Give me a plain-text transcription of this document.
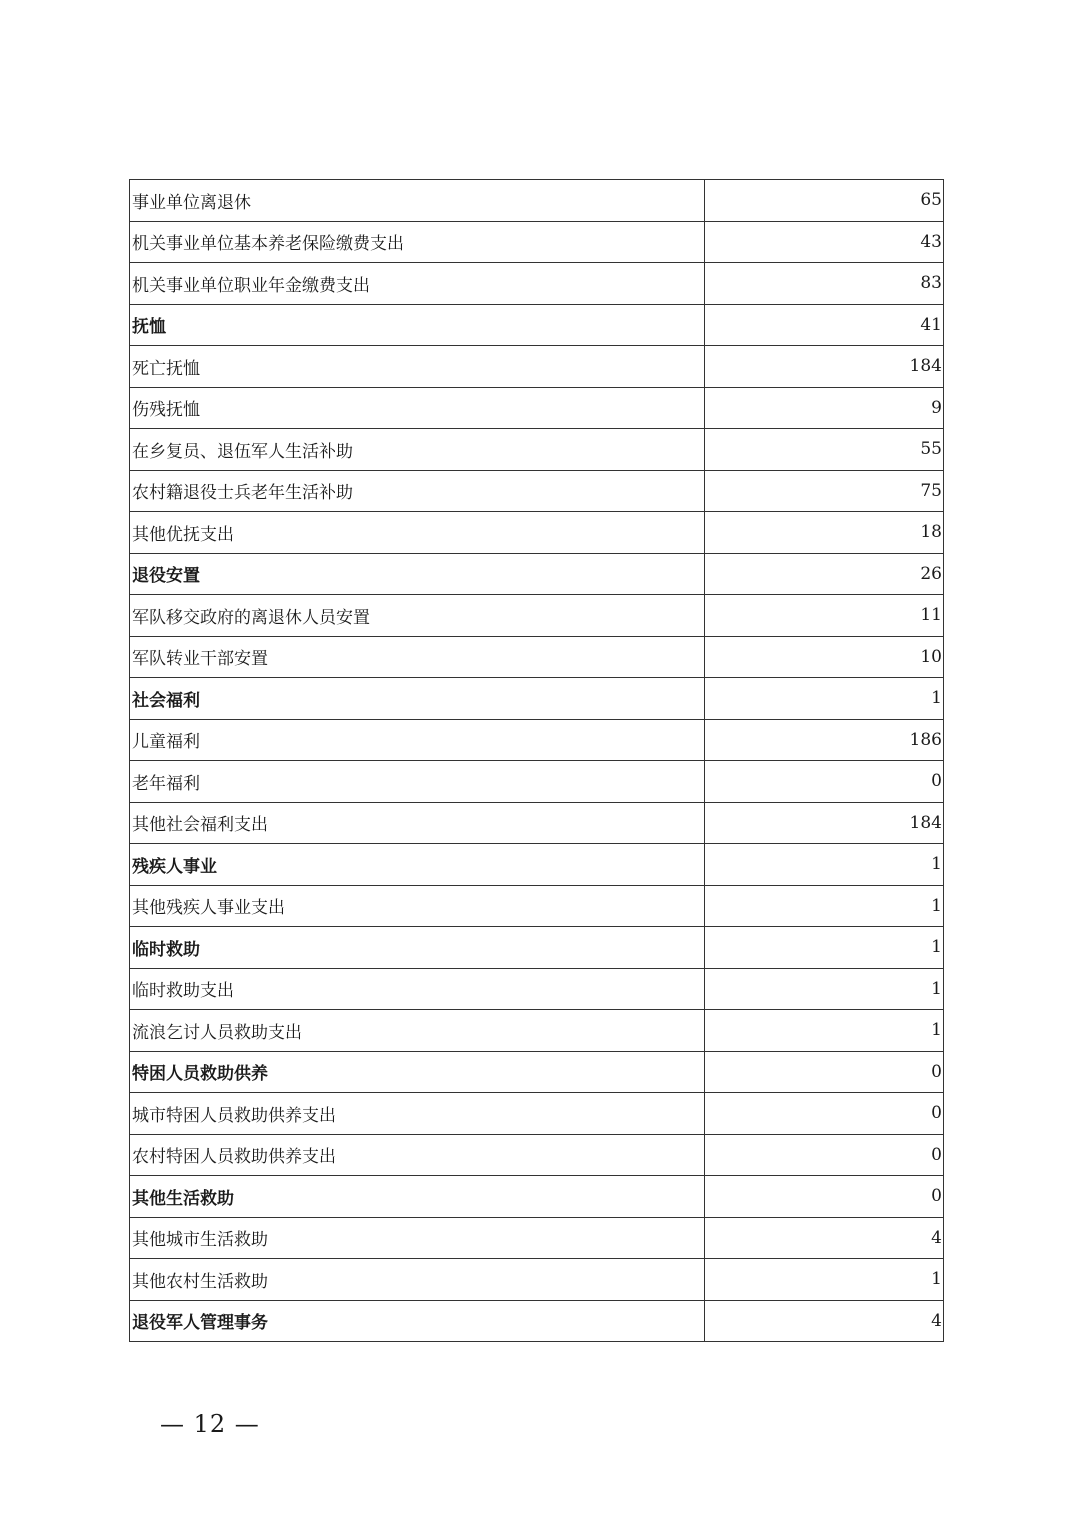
事业单位离退休	65
机关事业单位基本养老保险缴费支出	43
机关事业单位职业年金缴费支出	83
抚恤	41
死亡抚恤	184
伤残抚恤	9
在乡复员、退伍军人生活补助	55
农村籍退役士兵老年生活补助	75
其他优抚支出	18
退役安置	26
军队移交政府的离退休人员安置	11
军队转业干部安置	10
社会福利	1
儿童福利	186
老年福利	0
其他社会福利支出	184
残疾人事业	1
其他残疾人事业支出	1
临时救助	1
临时救助支出	1
流浪乞讨人员救助支出	1
特困人员救助供养	0
城市特困人员救助供养支出	0
农村特困人员救助供养支出	0
其他生活救助	0
其他城市生活救助	4
其他农村生活救助	1
退役军人管理事务	4
— 12 —
